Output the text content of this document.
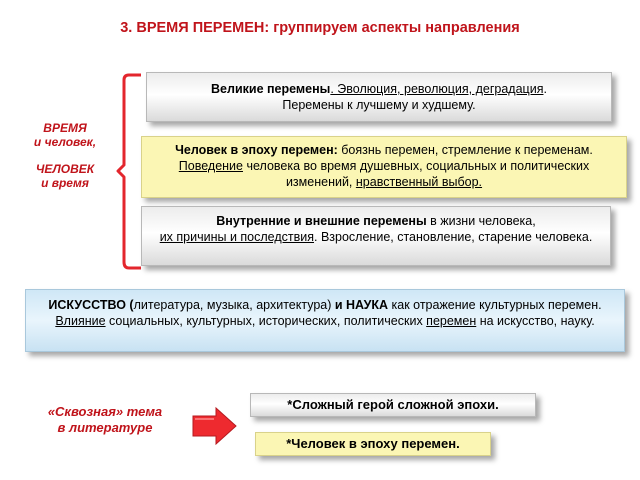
3. ВРЕМЯ ПЕРЕМЕН: группируем аспекты направления
ВРЕМЯ
и человек,
ЧЕЛОВЕК
и время
Великие перемены. Эволюция, революция, деградация.
Перемены к лучшему и худшему.
Человек в эпоху перемен: боязнь перемен, стремление к переменам. Поведение человека во время душевных, социальных и политических изменений, нравственный выбор.
Внутренние и внешние перемены в жизни человека,
их причины и последствия. Взросление, становление, старение человека.
ИСКУССТВО (литература, музыка, архитектура) и НАУКА как отражение культурных перемен. Влияние социальных, культурных, исторических, политических перемен на искусство, науку.
«Сквозная» тема
в литературе
*Сложный герой сложной эпохи.
*Человек в эпоху перемен.
